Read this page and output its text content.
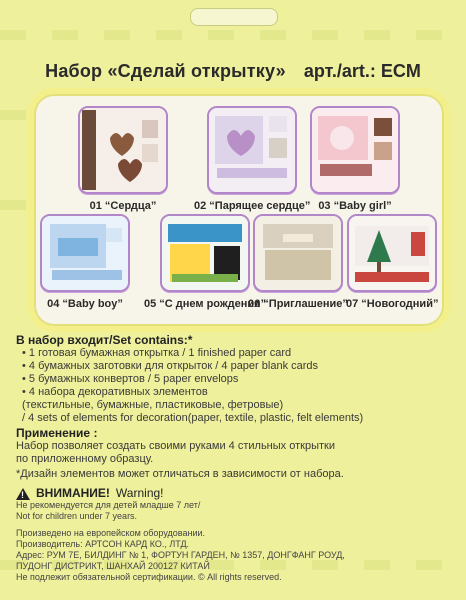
Набор «Сделай открытку» арт./art.: ECM
01 “Сердца”	02 “Парящее сердце” 03 “Baby girl”
04 “Baby boy” 05 “С днем рождения”
06 “Приглашение”
07 “Новогодний”
В набор входит/Set contains:*
• 1 готовая бумажная открытка / 1 finished paper card
• 4 бумажных заготовки для открыток / 4 paper blank cards
• 5 бумажных конвертов / 5 paper envelops
• 4 набора декоративных элементов
(текстильные, бумажные, пластиковые, фетровые)
/ 4 sets of elements for decoration(paper, textile, plastic, felt elements)
Применение :
Набор позволяет создать своими руками 4 стильных открытки
по приложенному образцу.
*Дизайн элементов может отличаться в зависимости от набора.
!
ВНИМАНИЕ! Warning!
Не рекомендуется для детей младше 7 лет/
Not for children under 7 years.
Произведено на европейском оборудовании.
Производитель: АРТСОН КАРД КО., ЛТД.
Адрес: РУМ 7Е, БИЛДИНГ № 1, ФОРТУН ГАРДЕН, № 1357, ДОНГФАНГ РОУД,
ПУДОНГ ДИСТРИКТ, ШАНХАЙ 200127 КИТАЙ
Не подлежит обязательной сертификации. © All rights reserved.
